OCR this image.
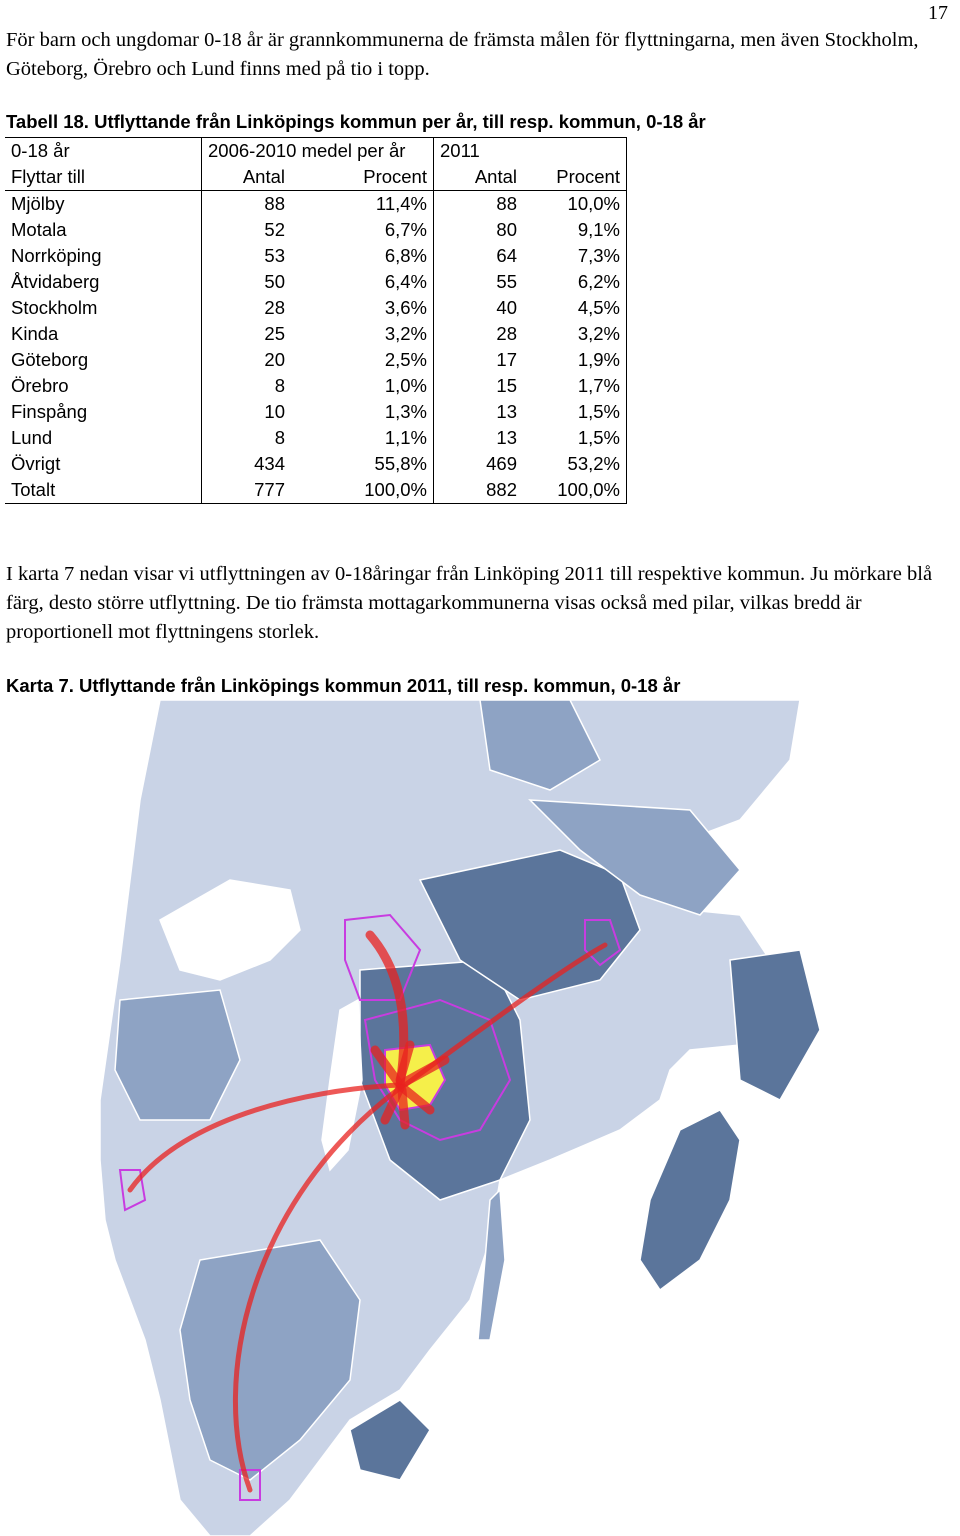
17

För barn och ungdomar 0-18 år är grannkommunerna de främsta målen för flyttningarna, men även Stockholm, Göteborg, Örebro och Lund finns med på tio i topp.

Tabell 18. Utflyttande från Linköpings kommun per år, till resp. kommun, 0-18 år
0-18 år	2006-2010 medel per år		2011	
Flyttar till	Antal	Procent	Antal	Procent
Mjölby	88	11,4%	88	10,0%
Motala	52	6,7%	80	9,1%
Norrköping	53	6,8%	64	7,3%
Åtvidaberg	50	6,4%	55	6,2%
Stockholm	28	3,6%	40	4,5%
Kinda	25	3,2%	28	3,2%
Göteborg	20	2,5%	17	1,9%
Örebro	8	1,0%	15	1,7%
Finspång	10	1,3%	13	1,5%
Lund	8	1,1%	13	1,5%
Övrigt	434	55,8%	469	53,2%
Totalt	777	100,0%	882	100,0%

I karta 7 nedan visar vi utflyttningen av 0-18åringar från Linköping 2011 till respektive kommun. Ju mörkare blå färg, desto större utflyttning. De tio främsta mottagarkommunerna visas också med pilar, vilkas bredd är proportionell mot flyttningens storlek.

Karta 7. Utflyttande från Linköpings kommun 2011, till resp. kommun, 0-18 år
